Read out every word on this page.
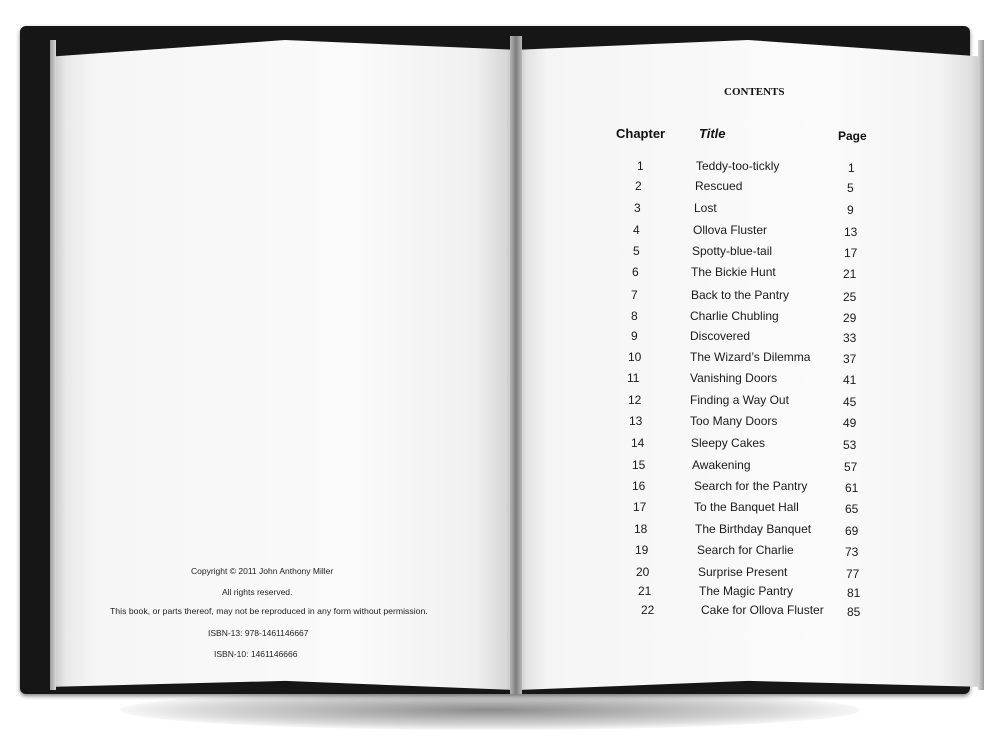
Copyright © 2011 John Anthony Miller
All rights reserved.
This book, or parts thereof, may not be reproduced in any form without permission.
ISBN-13: 978-1461146667
ISBN-10: 1461146666
CONTENTS
Chapter	Title	Page
1	Teddy-too-tickly	1
2	Rescued	5
3	Lost	9
4	Ollova Fluster	13
5	Spotty-blue-tail	17
6	The Bickie Hunt	21
7	Back to the Pantry	25
8	Charlie Chubling	29
9	Discovered	33
10	The Wizard’s Dilemma	37
11	Vanishing Doors	41
12	Finding a Way Out	45
13	Too Many Doors	49
14	Sleepy Cakes	53
15	Awakening	57
16	Search for the Pantry	61
17	To the Banquet Hall	65
18	The Birthday Banquet	69
19	Search for Charlie	73
20	Surprise Present	77
21	The Magic Pantry	81
22	Cake for Ollova Fluster 85
